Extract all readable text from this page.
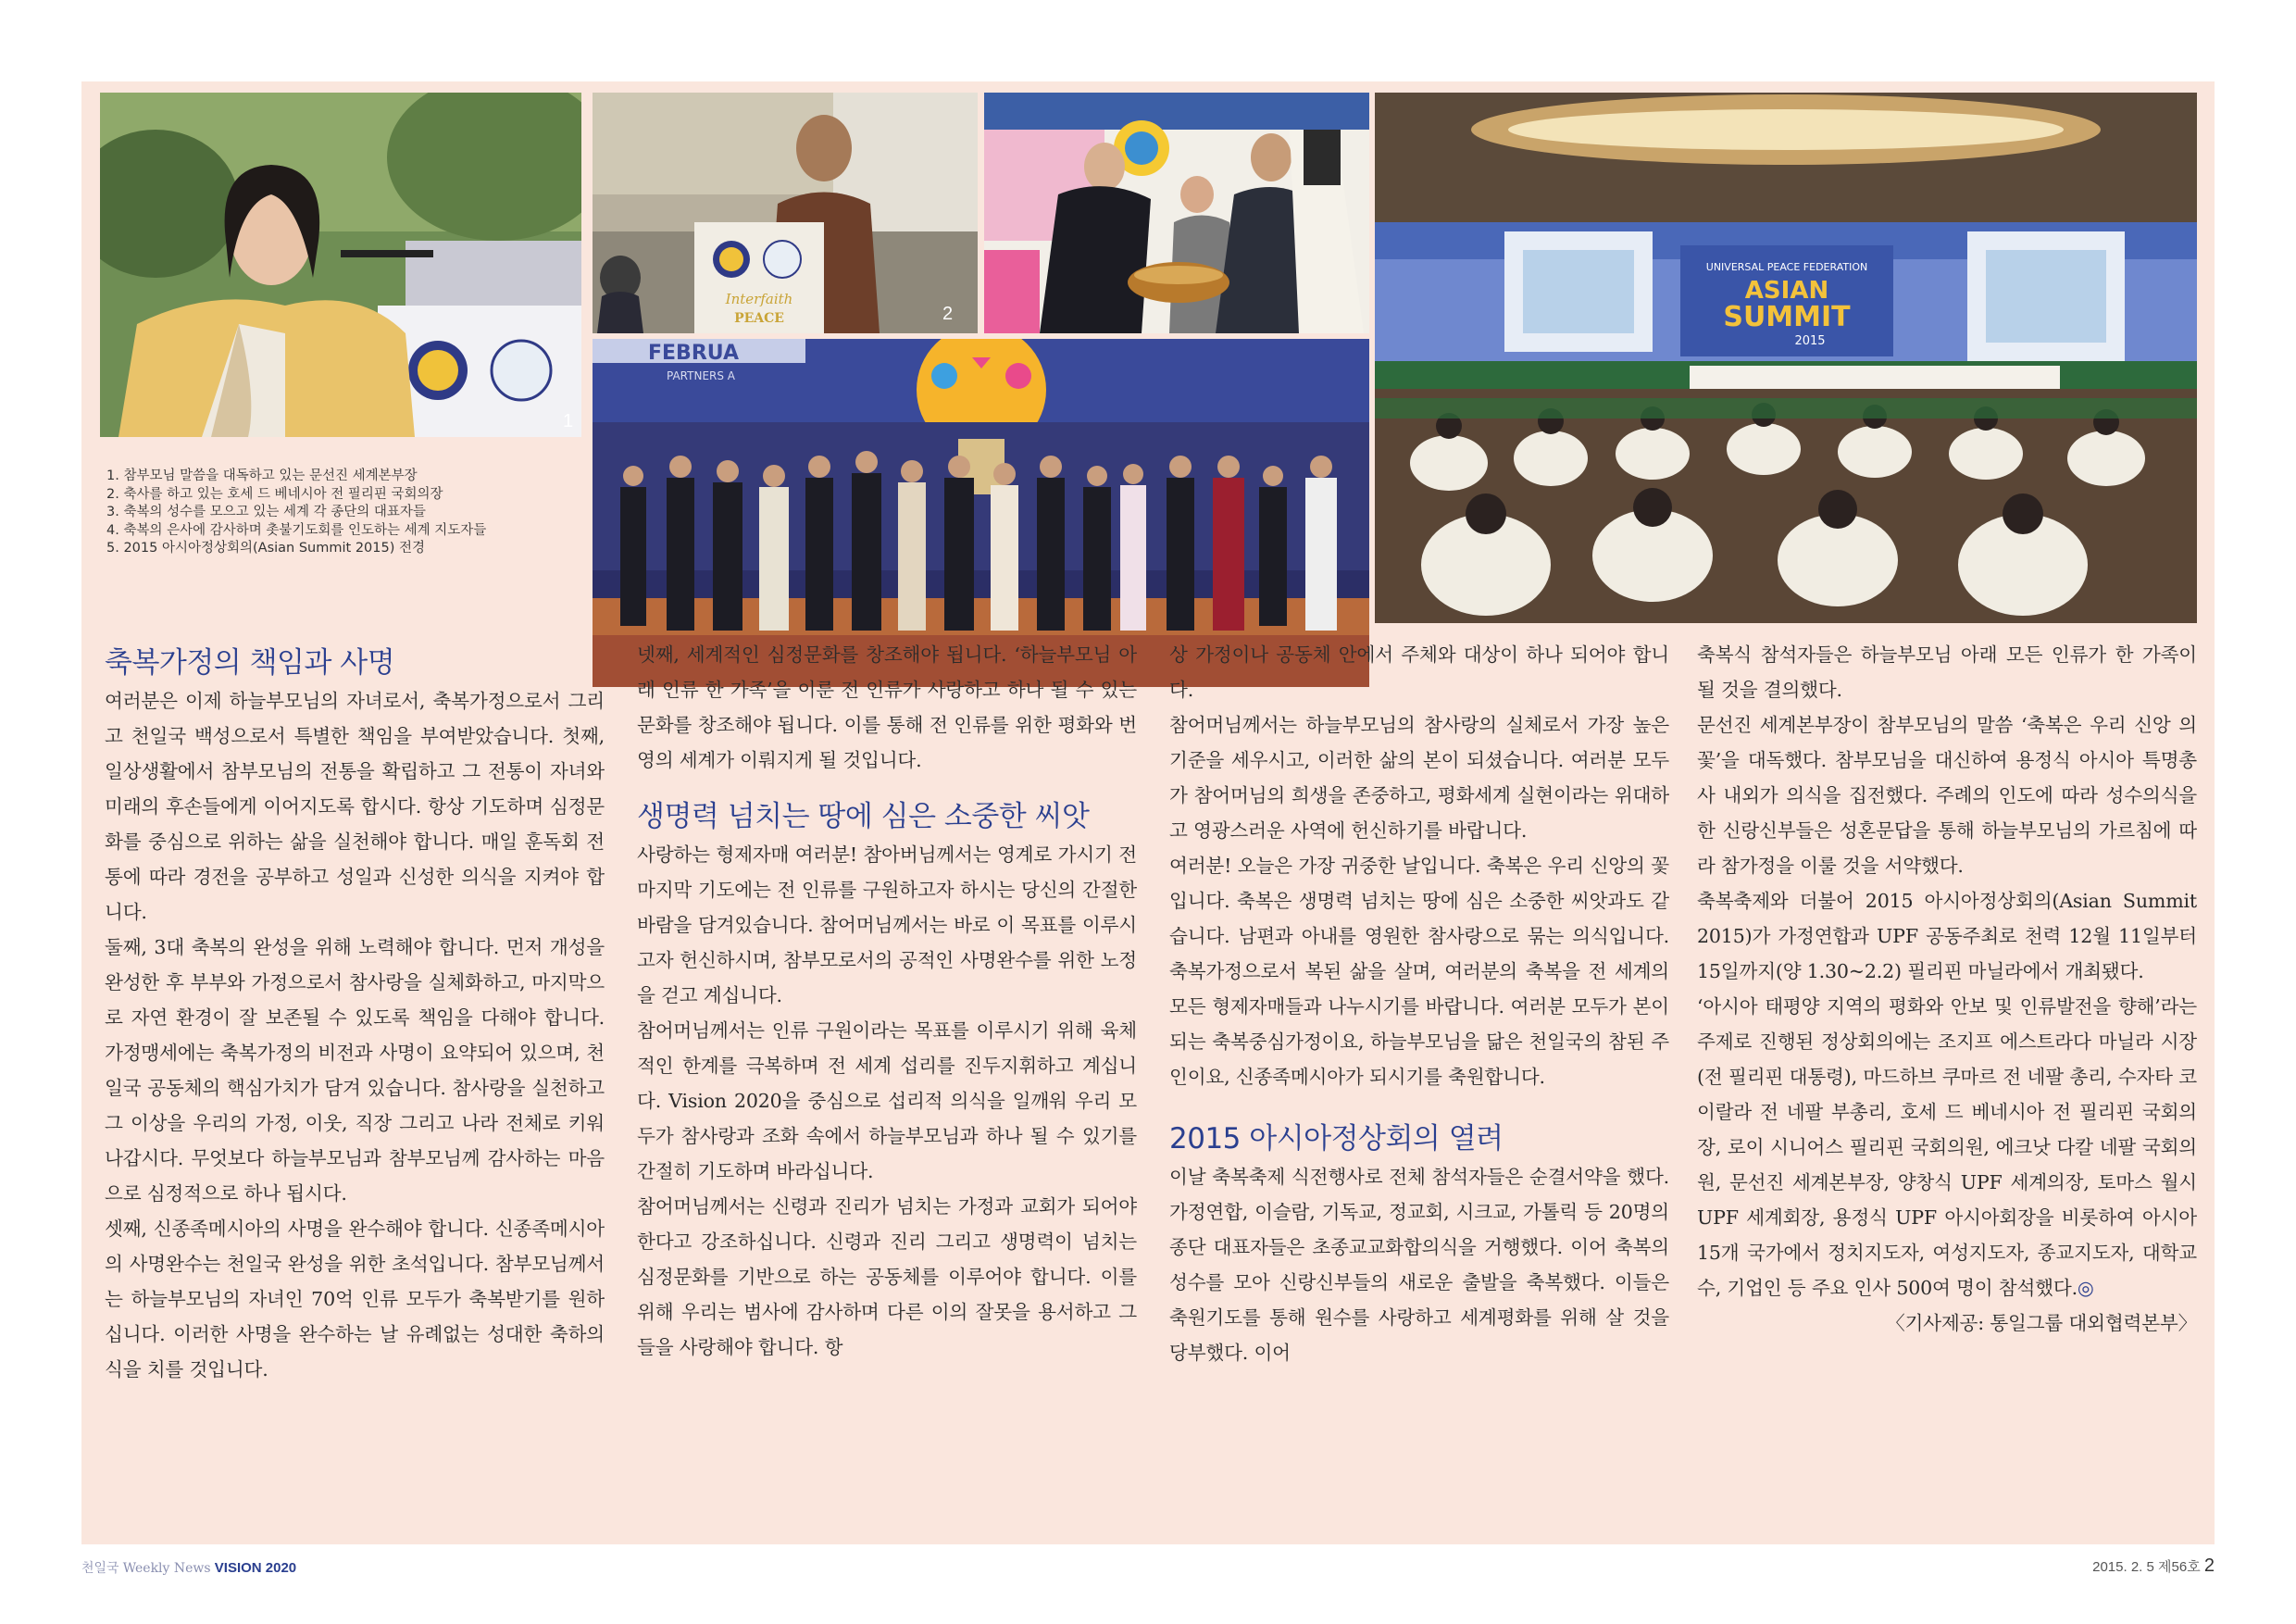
1
Interfaith
PEACE	2
FEBRUA
PARTNERS A
UNIVERSAL PEACE FEDERATION
ASIAN
SUMMIT
2015
1. 참부모님 말씀을 대독하고 있는 문선진 세계본부장
2. 축사를 하고 있는 호세 드 베네시아 전 필리핀 국회의장
3. 축복의 성수를 모으고 있는 세계 각 종단의 대표자들
4. 축복의 은사에 감사하며 촛불기도회를 인도하는 세계 지도자들
5. 2015 아시아정상회의(Asian Summit 2015) 전경
축복가정의 책임과 사명

여러분은 이제 하늘부모님의 자녀로서, 축복가정으로서 그리고 천일국 백성으로서 특별한 책임을 부여받았습니다. 첫째, 일상생활에서 참부모님의 전통을 확립하고 그 전통이 자녀와 미래의 후손들에게 이어지도록 합시다. 항상 기도하며 심정문화를 중심으로 위하는 삶을 실천해야 합니다. 매일 훈독회 전통에 따라 경전을 공부하고 성일과 신성한 의식을 지켜야 합니다.

둘째, 3대 축복의 완성을 위해 노력해야 합니다. 먼저 개성을 완성한 후 부부와 가정으로서 참사랑을 실체화하고, 마지막으로 자연 환경이 잘 보존될 수 있도록 책임을 다해야 합니다. 가정맹세에는 축복가정의 비전과 사명이 요약되어 있으며, 천일국 공동체의 핵심가치가 담겨 있습니다. 참사랑을 실천하고 그 이상을 우리의 가정, 이웃, 직장 그리고 나라 전체로 키워 나갑시다. 무엇보다 하늘부모님과 참부모님께 감사하는 마음으로 심정적으로 하나 됩시다.

셋째, 신종족메시아의 사명을 완수해야 합니다. 신종족메시아의 사명완수는 천일국 완성을 위한 초석입니다. 참부모님께서는 하늘부모님의 자녀인 70억 인류 모두가 축복받기를 원하십니다. 이러한 사명을 완수하는 날 유례없는 성대한 축하의식을 치를 것입니다.

넷째, 세계적인 심정문화를 창조해야 됩니다. ‘하늘부모님 아래 인류 한 가족’을 이룬 전 인류가 사랑하고 하나 될 수 있는 문화를 창조해야 됩니다. 이를 통해 전 인류를 위한 평화와 번영의 세계가 이뤄지게 될 것입니다.

생명력 넘치는 땅에 심은 소중한 씨앗

사랑하는 형제자매 여러분! 참아버님께서는 영계로 가시기 전 마지막 기도에는 전 인류를 구원하고자 하시는 당신의 간절한 바람을 담겨있습니다. 참어머님께서는 바로 이 목표를 이루시고자 헌신하시며, 참부모로서의 공적인 사명완수를 위한 노정을 걷고 계십니다.

참어머님께서는 인류 구원이라는 목표를 이루시기 위해 육체적인 한계를 극복하며 전 세계 섭리를 진두지휘하고 계십니다. Vision 2020을 중심으로 섭리적 의식을 일깨워 우리 모두가 참사랑과 조화 속에서 하늘부모님과 하나 될 수 있기를 간절히 기도하며 바라십니다.

참어머님께서는 신령과 진리가 넘치는 가정과 교회가 되어야 한다고 강조하십니다. 신령과 진리 그리고 생명력이 넘치는 심정문화를 기반으로 하는 공동체를 이루어야 합니다. 이를 위해 우리는 범사에 감사하며 다른 이의 잘못을 용서하고 그들을 사랑해야 합니다. 항

상 가정이나 공동체 안에서 주체와 대상이 하나 되어야 합니다.

참어머님께서는 하늘부모님의 참사랑의 실체로서 가장 높은 기준을 세우시고, 이러한 삶의 본이 되셨습니다. 여러분 모두가 참어머님의 희생을 존중하고, 평화세계 실현이라는 위대하고 영광스러운 사역에 헌신하기를 바랍니다.

여러분! 오늘은 가장 귀중한 날입니다. 축복은 우리 신앙의 꽃입니다. 축복은 생명력 넘치는 땅에 심은 소중한 씨앗과도 같습니다. 남편과 아내를 영원한 참사랑으로 묶는 의식입니다. 축복가정으로서 복된 삶을 살며, 여러분의 축복을 전 세계의 모든 형제자매들과 나누시기를 바랍니다. 여러분 모두가 본이 되는 축복중심가정이요, 하늘부모님을 닮은 천일국의 참된 주인이요, 신종족메시아가 되시기를 축원합니다.

2015 아시아정상회의 열려

이날 축복축제 식전행사로 전체 참석자들은 순결서약을 했다. 가정연합, 이슬람, 기독교, 정교회, 시크교, 가톨릭 등 20명의 종단 대표자들은 초종교교화합의식을 거행했다. 이어 축복의 성수를 모아 신랑신부들의 새로운 출발을 축복했다. 이들은 축원기도를 통해 원수를 사랑하고 세계평화를 위해 살 것을 당부했다. 이어

축복식 참석자들은 하늘부모님 아래 모든 인류가 한 가족이 될 것을 결의했다.

문선진 세계본부장이 참부모님의 말씀 ‘축복은 우리 신앙 의 꽃’을 대독했다. 참부모님을 대신하여 용정식 아시아 특명총사 내외가 의식을 집전했다. 주례의 인도에 따라 성수의식을 한 신랑신부들은 성혼문답을 통해 하늘부모님의 가르침에 따라 참가정을 이룰 것을 서약했다.

축복축제와 더불어 2015 아시아정상회의(Asian Summit 2015)가 가정연합과 UPF 공동주최로 천력 12월 11일부터 15일까지(양 1.30~2.2) 필리핀 마닐라에서 개최됐다.

‘아시아 태평양 지역의 평화와 안보 및 인류발전을 향해’라는 주제로 진행된 정상회의에는 조지프 에스트라다 마닐라 시장(전 필리핀 대통령), 마드하브 쿠마르 전 네팔 총리, 수자타 코이랄라 전 네팔 부총리, 호세 드 베네시아 전 필리핀 국회의장, 로이 시니어스 필리핀 국회의원, 에크낫 다칼 네팔 국회의원, 문선진 세계본부장, 양창식 UPF 세계의장, 토마스 월시 UPF 세계회장, 용정식 UPF 아시아회장을 비롯하여 아시아 15개 국가에서 정치지도자, 여성지도자, 종교지도자, 대학교수, 기업인 등 주요 인사 500여 명이 참석했다.◎

〈기사제공: 통일그룹 대외협력본부〉

천일국 Weekly News VISION 2020	2015. 2. 5 제56호 2
